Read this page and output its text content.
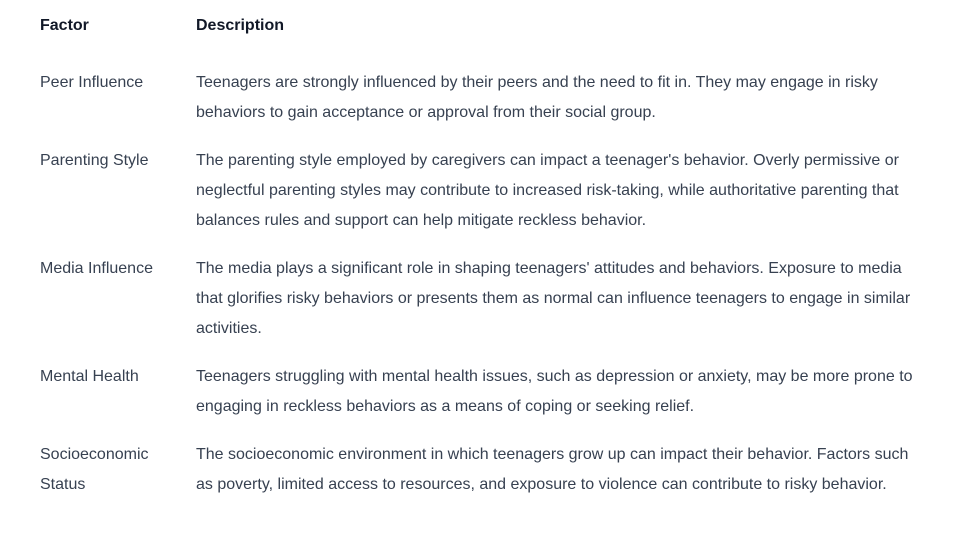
Factor	Description
Peer Influence	Teenagers are strongly influenced by their peers and the need to fit in. They may engage in risky behaviors to gain acceptance or approval from their social group.
Parenting Style	The parenting style employed by caregivers can impact a teenager's behavior. Overly permissive or neglectful parenting styles may contribute to increased risk-taking, while authoritative parenting that balances rules and support can help mitigate reckless behavior.
Media Influence	The media plays a significant role in shaping teenagers' attitudes and behaviors. Exposure to media that glorifies risky behaviors or presents them as normal can influence teenagers to engage in similar activities.
Mental Health	Teenagers struggling with mental health issues, such as depression or anxiety, may be more prone to engaging in reckless behaviors as a means of coping or seeking relief.
Socioeconomic Status	The socioeconomic environment in which teenagers grow up can impact their behavior. Factors such as poverty, limited access to resources, and exposure to violence can contribute to risky behavior.
